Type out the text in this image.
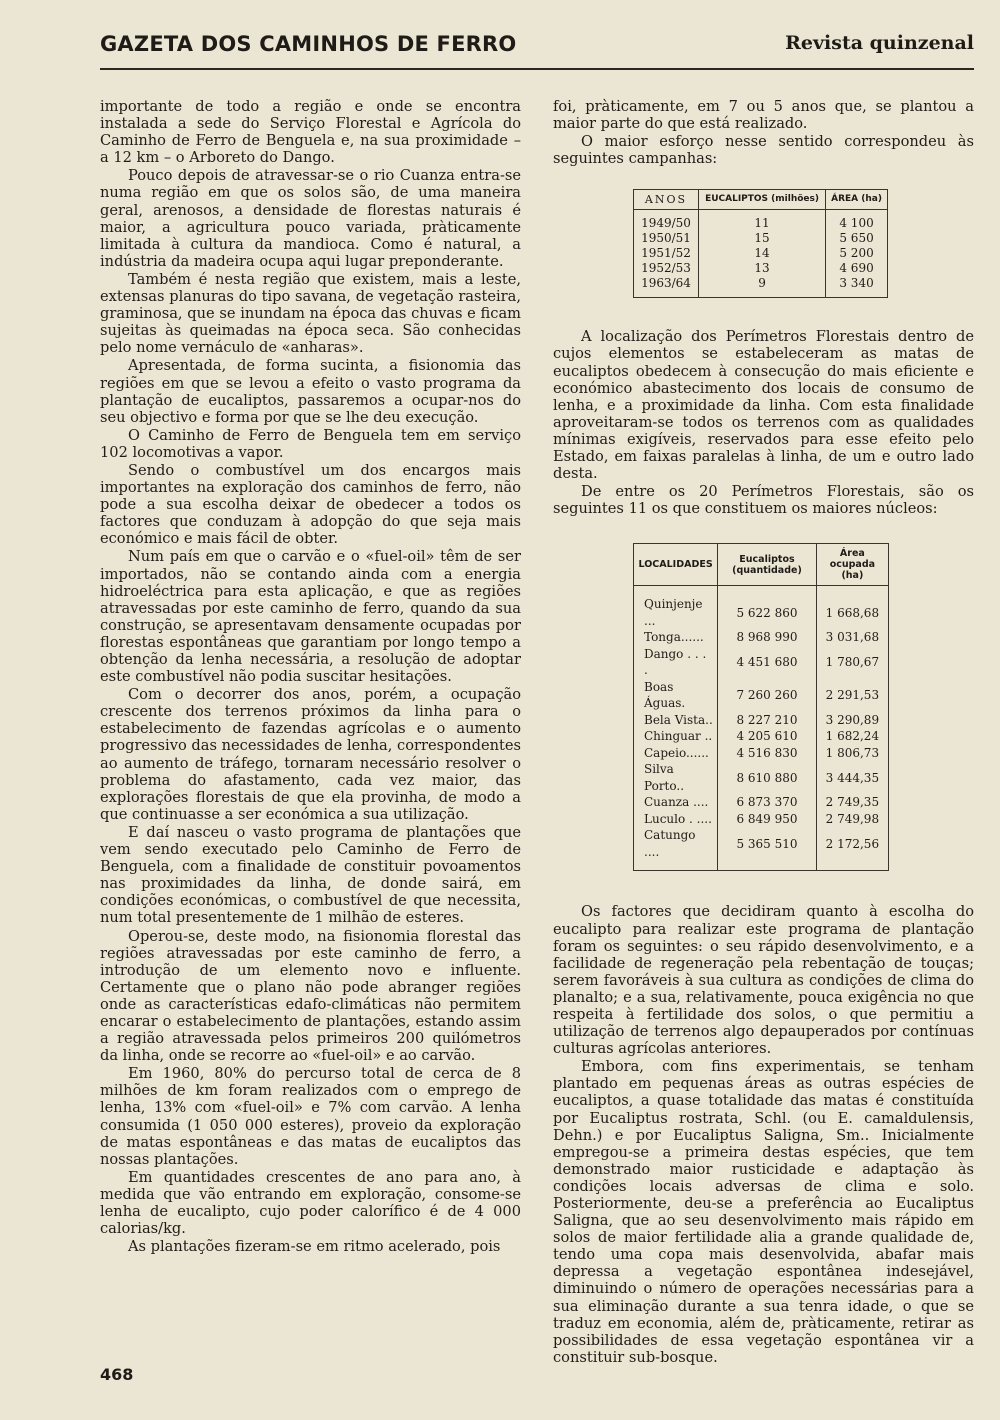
GAZETA DOS CAMINHOS DE FERRO	Revista quinzenal

importante de todo a região e onde se encontra instalada a sede do Serviço Florestal e Agrícola do Caminho de Ferro de Benguela e, na sua proximidade – a 12 km – o Arboreto do Dango.

Pouco depois de atravessar-se o rio Cuanza entra-se numa região em que os solos são, de uma maneira geral, arenosos, a densidade de florestas naturais é maior, a agricultura pouco variada, pràticamente limitada à cultura da mandioca. Como é natural, a indústria da madeira ocupa aqui lugar preponderante.

Também é nesta região que existem, mais a leste, extensas planuras do tipo savana, de vegetação rasteira, graminosa, que se inundam na época das chuvas e ficam sujeitas às queimadas na época seca. São conhecidas pelo nome vernáculo de «anharas».

Apresentada, de forma sucinta, a fisionomia das regiões em que se levou a efeito o vasto programa da plantação de eucaliptos, passaremos a ocupar-nos do seu objectivo e forma por que se lhe deu execução.

O Caminho de Ferro de Benguela tem em serviço 102 locomotivas a vapor.

Sendo o combustível um dos encargos mais importantes na exploração dos caminhos de ferro, não pode a sua escolha deixar de obedecer a todos os factores que conduzam à adopção do que seja mais económico e mais fácil de obter.

Num país em que o carvão e o «fuel-oil» têm de ser importados, não se contando ainda com a energia hidroeléctrica para esta aplicação, e que as regiões atravessadas por este caminho de ferro, quando da sua construção, se apresentavam densamente ocupadas por florestas espontâneas que garantiam por longo tempo a obtenção da lenha necessária, a resolução de adoptar este combustível não podia suscitar hesitações.

Com o decorrer dos anos, porém, a ocupação crescente dos terrenos próximos da linha para o estabelecimento de fazendas agrícolas e o aumento progressivo das necessidades de lenha, correspondentes ao aumento de tráfego, tornaram necessário resolver o problema do afastamento, cada vez maior, das explorações florestais de que ela provinha, de modo a que continuasse a ser económica a sua utilização.

E daí nasceu o vasto programa de plantações que vem sendo executado pelo Caminho de Ferro de Benguela, com a finalidade de constituir povoamentos nas proximidades da linha, de donde sairá, em condições económicas, o combustível de que necessita, num total presentemente de 1 milhão de esteres.

Operou-se, deste modo, na fisionomia florestal das regiões atravessadas por este caminho de ferro, a introdução de um elemento novo e influente. Certamente que o plano não pode abranger regiões onde as características edafo-climáticas não permitem encarar o estabelecimento de plantações, estando assim a região atravessada pelos primeiros 200 quilómetros da linha, onde se recorre ao «fuel-oil» e ao carvão.

Em 1960, 80% do percurso total de cerca de 8 milhões de km foram realizados com o emprego de lenha, 13% com «fuel-oil» e 7% com carvão. A lenha consumida (1 050 000 esteres), proveio da exploração de matas espontâneas e das matas de eucaliptos das nossas plantações.

Em quantidades crescentes de ano para ano, à medida que vão entrando em exploração, consome-se lenha de eucalipto, cujo poder calorífico é de 4 000 calorias/kg.

As plantações fizeram-se em ritmo acelerado, pois

foi, pràticamente, em 7 ou 5 anos que, se plantou a maior parte do que está realizado.

O maior esforço nesse sentido correspondeu às seguintes campanhas:

ANOS	EUCALIPTOS (milhões)	ÁREA (ha)
1949/50	11	4 100
1950/51	15	5 650
1951/52	14	5 200
1952/53	13	4 690
1963/64	9	3 340

A localização dos Perímetros Florestais dentro de cujos elementos se estabeleceram as matas de eucaliptos obedecem à consecução do mais eficiente e económico abastecimento dos locais de consumo de lenha, e a proximidade da linha. Com esta finalidade aproveitaram-se todos os terrenos com as qualidades mínimas exigíveis, reservados para esse efeito pelo Estado, em faixas paralelas à linha, de um e outro lado desta.

De entre os 20 Perímetros Florestais, são os seguintes 11 os que constituem os maiores núcleos:

LOCALIDADES	Eucaliptos (quantidade)	Área ocupada (ha)
Quinjenje ...	5 622 860	1 668,68
Tonga......	8 968 990	3 031,68
Dango . . . .	4 451 680	1 780,67
Boas Águas.	7 260 260	2 291,53
Bela Vista..	8 227 210	3 290,89
Chinguar ..	4 205 610	1 682,24
Capeio......	4 516 830	1 806,73
Silva Porto..	8 610 880	3 444,35
Cuanza ....	6 873 370	2 749,35
Luculo . ....	6 849 950	2 749,98
Catungo ....	5 365 510	2 172,56

Os factores que decidiram quanto à escolha do eucalipto para realizar este programa de plantação foram os seguintes: o seu rápido desenvolvimento, e a facilidade de regeneração pela rebentação de touças; serem favoráveis à sua cultura as condições de clima do planalto; e a sua, relativamente, pouca exigência no que respeita à fertilidade dos solos, o que permitiu a utilização de terrenos algo depauperados por contínuas culturas agrícolas anteriores.

Embora, com fins experimentais, se tenham plantado em pequenas áreas as outras espécies de eucaliptos, a quase totalidade das matas é constituída por Eucaliptus rostrata, Schl. (ou E. camaldulensis, Dehn.) e por Eucaliptus Saligna, Sm.. Inicialmente empregou-se a primeira destas espécies, que tem demonstrado maior rusticidade e adaptação às condições locais adversas de clima e solo. Posteriormente, deu-se a preferência ao Eucaliptus Saligna, que ao seu desenvolvimento mais rápido em solos de maior fertilidade alia a grande qualidade de, tendo uma copa mais desenvolvida, abafar mais depressa a vegetação espontânea indesejável, diminuindo o número de operações necessárias para a sua eliminação durante a sua tenra idade, o que se traduz em economia, além de, pràticamente, retirar as possibilidades de essa vegetação espontânea vir a constituir sub-bosque.

468
